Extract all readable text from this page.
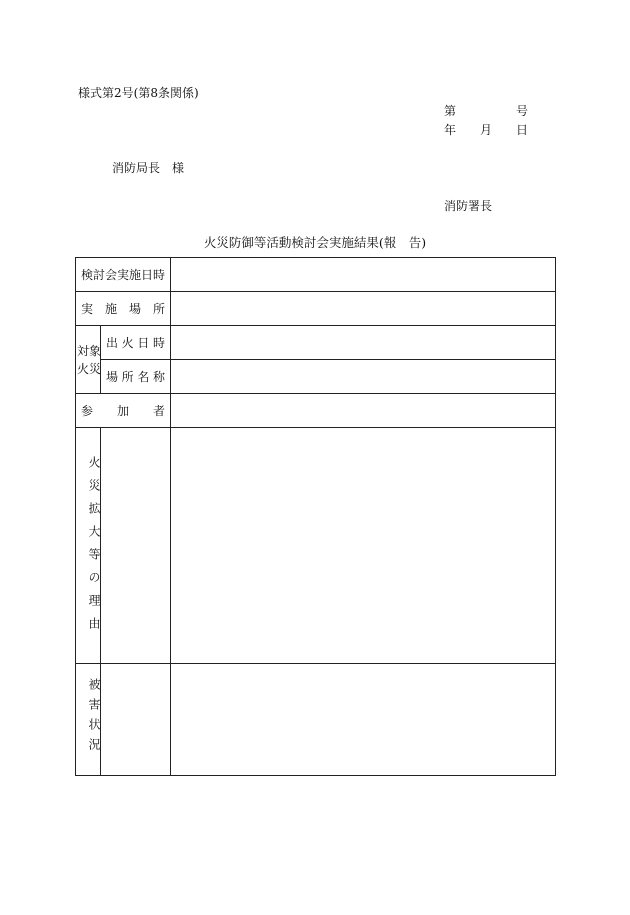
様式第2号(第8条関係)
第	号
年 月 日
消防局長 様
消防署長
火災防御等活動検討会実施結果(報　告)
検討会実施日時		
実　施　場　所		
対象火災	出火日時	
	場所名称	
参　　加　　者		
火災拡大等の理由		
被害状況		
